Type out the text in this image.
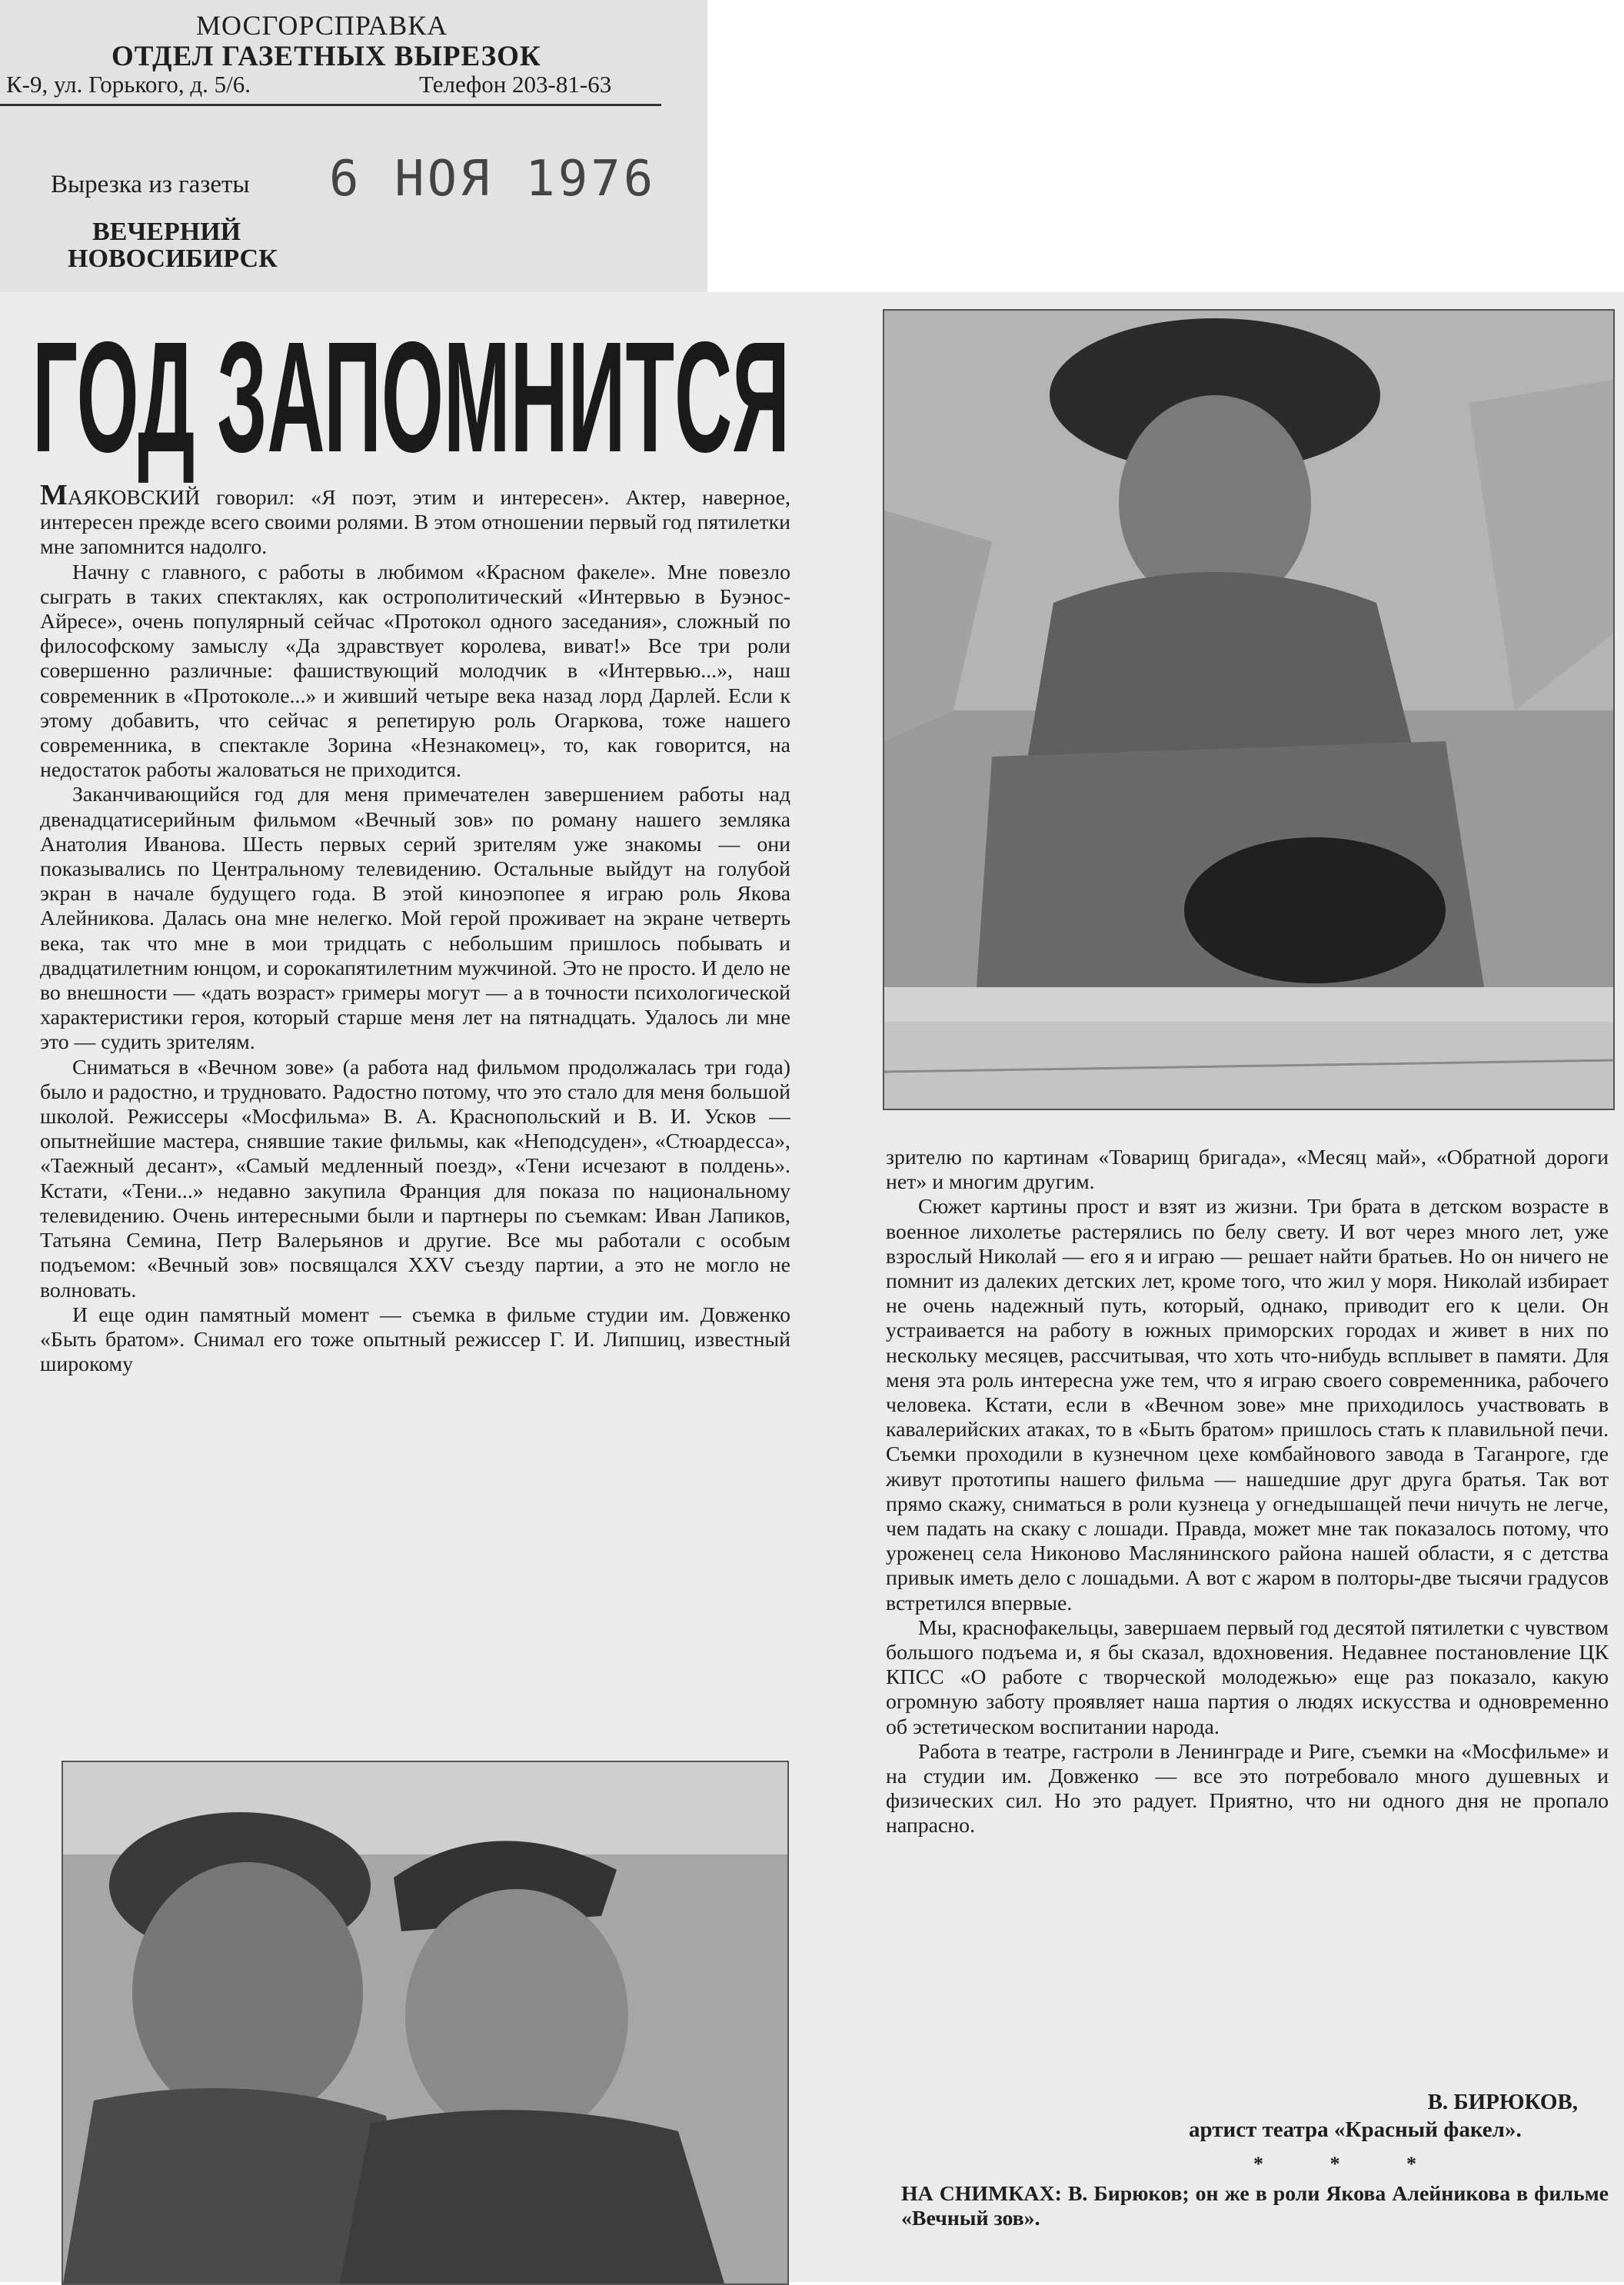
МОСГОРСПРАВКА
ОТДЕЛ ГАЗЕТНЫХ ВЫРЕЗОК
К-9, ул. Горького, д. 5/6.	Телефон 203-81-63
Вырезка из газеты 6 НОЯ 1976
ВЕЧЕРНИЙ
НОВОСИБИРСК
ГОД ЗАПОМНИТСЯ

МАЯКОВСКИЙ говорил: «Я поэт, этим и интересен». Актер, наверное, интересен прежде всего своими ролями. В этом отношении первый год пятилетки мне запомнится надолго.

Начну с главного, с работы в любимом «Красном факеле». Мне повезло сыграть в таких спектаклях, как острополитический «Интервью в Буэнос-Айресе», очень популярный сейчас «Протокол одного заседания», сложный по философскому замыслу «Да здравствует королева, виват!» Все три роли совершенно различные: фашиствующий молодчик в «Интервью...», наш современник в «Протоколе...» и живший четыре века назад лорд Дарлей. Если к этому добавить, что сейчас я репетирую роль Огаркова, тоже нашего современника, в спектакле Зорина «Незнакомец», то, как говорится, на недостаток работы жаловаться не приходится.

Заканчивающийся год для меня примечателен завершением работы над двенадцатисерийным фильмом «Вечный зов» по роману нашего земляка Анатолия Иванова. Шесть первых серий зрителям уже знакомы — они показывались по Центральному телевидению. Остальные выйдут на голубой экран в начале будущего года. В этой киноэпопее я играю роль Якова Алейникова. Далась она мне нелегко. Мой герой проживает на экране четверть века, так что мне в мои тридцать с небольшим пришлось побывать и двадцатилетним юнцом, и сорокапятилетним мужчиной. Это не просто. И дело не во внешности — «дать возраст» гримеры могут — а в точности психологической характеристики героя, который старше меня лет на пятнадцать. Удалось ли мне это — судить зрителям.

Сниматься в «Вечном зове» (а работа над фильмом продолжалась три года) было и радостно, и трудновато. Радостно потому, что это стало для меня большой школой. Режиссеры «Мосфильма» В. А. Краснопольский и В. И. Усков — опытнейшие мастера, снявшие такие фильмы, как «Неподсуден», «Стюардесса», «Таежный десант», «Самый медленный поезд», «Тени исчезают в полдень». Кстати, «Тени...» недавно закупила Франция для показа по национальному телевидению. Очень интересными были и партнеры по съемкам: Иван Лапиков, Татьяна Семина, Петр Валерьянов и другие. Все мы работали с особым подъемом: «Вечный зов» посвящался XXV съезду партии, а это не могло не волновать.

И еще один памятный момент — съемка в фильме студии им. Довженко «Быть братом». Снимал его тоже опытный режиссер Г. И. Липшиц, известный широкому

зрителю по картинам «Товарищ бригада», «Месяц май», «Обратной дороги нет» и многим другим.

Сюжет картины прост и взят из жизни. Три брата в детском возрасте в военное лихолетье растерялись по белу свету. И вот через много лет, уже взрослый Николай — его я и играю — решает найти братьев. Но он ничего не помнит из далеких детских лет, кроме того, что жил у моря. Николай избирает не очень надежный путь, который, однако, приводит его к цели. Он устраивается на работу в южных приморских городах и живет в них по нескольку месяцев, рассчитывая, что хоть что-нибудь всплывет в памяти. Для меня эта роль интересна уже тем, что я играю своего современника, рабочего человека. Кстати, если в «Вечном зове» мне приходилось участвовать в кавалерийских атаках, то в «Быть братом» пришлось стать к плавильной печи. Съемки проходили в кузнечном цехе комбайнового завода в Таганроге, где живут прототипы нашего фильма — нашедшие друг друга братья. Так вот прямо скажу, сниматься в роли кузнеца у огнедышащей печи ничуть не легче, чем падать на скаку с лошади. Правда, может мне так показалось потому, что уроженец села Никоново Маслянинского района нашей области, я с детства привык иметь дело с лошадьми. А вот с жаром в полторы-две тысячи градусов встретился впервые.

Мы, краснофакельцы, завершаем первый год десятой пятилетки с чувством большого подъема и, я бы сказал, вдохновения. Недавнее постановление ЦК КПСС «О работе с творческой молодежью» еще раз показало, какую огромную заботу проявляет наша партия о людях искусства и одновременно об эстетическом воспитании народа.

Работа в театре, гастроли в Ленинграде и Риге, съемки на «Мосфильме» и на студии им. Довженко — все это потребовало много душевных и физических сил. Но это радует. Приятно, что ни одного дня не пропало напрасно.

В. БИРЮКОВ,
артист театра «Красный факел».
* * *
НА СНИМКАХ: В. Бирюков; он же в роли Якова Алейникова в фильме «Вечный зов».
